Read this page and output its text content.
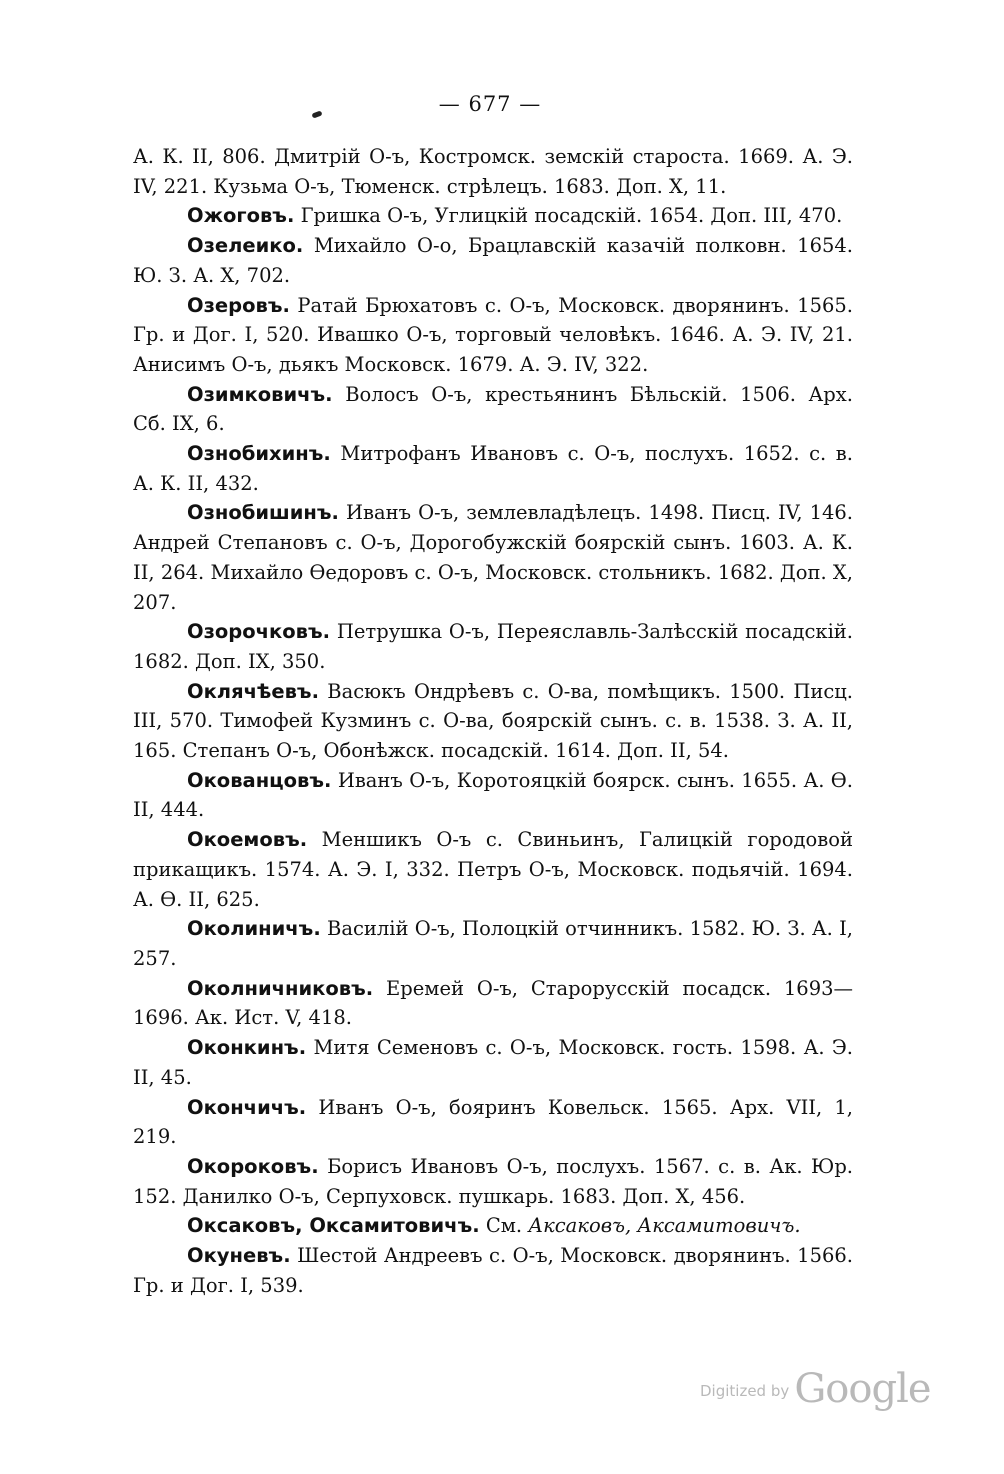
— 677 —

А. К. II, 806. Дмитрій О-ъ, Костромск. земскій староста. 1669. А. Э. IV, 221. Кузьма О-ъ, Тюменск. стрѣлецъ. 1683. Доп. X, 11.

Ожоговъ. Гришка О-ъ, Углицкій посадскій. 1654. Доп. III, 470.

Озелеико. Михайло О-о, Брацлавскій казачій полковн. 1654. Ю. З. А. X, 702.

Озеровъ. Ратай Брюхатовъ с. О-ъ, Московск. дворянинъ. 1565. Гр. и Дог. I, 520. Ивашко О-ъ, торговый человѣкъ. 1646. А. Э. IV, 21. Анисимъ О-ъ, дьякъ Московск. 1679. А. Э. IV, 322.

Озимковичъ. Волосъ О-ъ, крестьянинъ Бѣльскій. 1506. Арх. Сб. IX, 6.

Ознобихинъ. Митрофанъ Ивановъ с. О-ъ, послухъ. 1652. с. в. А. К. II, 432.

Ознобишинъ. Иванъ О-ъ, землевладѣлецъ. 1498. Писц. IV, 146. Андрей Степановъ с. О-ъ, Дорогобужскій боярскій сынъ. 1603. А. К. II, 264. Михайло Ѳедоровъ с. О-ъ, Московск. стольникъ. 1682. Доп. X, 207.

Озорочковъ. Петрушка О-ъ, Переяславль-Залѣсскій посадскій. 1682. Доп. IX, 350.

Оклячѣевъ. Васюкъ Ондрѣевъ с. О-ва, помѣщикъ. 1500. Писц. III, 570. Тимофей Кузминъ с. О-ва, боярскій сынъ. с. в. 1538. З. А. II, 165. Степанъ О-ъ, Обонѣжск. посадскій. 1614. Доп. II, 54.

Окованцовъ. Иванъ О-ъ, Коротояцкій боярск. сынъ. 1655. А. Ѳ. II, 444.

Окоемовъ. Меншикъ О-ъ с. Свиньинъ, Галицкій городовой прикащикъ. 1574. А. Э. I, 332. Петръ О-ъ, Московск. подьячій. 1694. А. Ѳ. II, 625.

Околиничъ. Василій О-ъ, Полоцкій отчинникъ. 1582. Ю. З. А. I, 257.

Околничниковъ. Еремей О-ъ, Старорусскій посадск. 1693—1696. Ак. Ист. V, 418.

Оконкинъ. Митя Семеновъ с. О-ъ, Московск. гость. 1598. А. Э. II, 45.

Окончичъ. Иванъ О-ъ, бояринъ Ковельск. 1565. Арх. VII, 1, 219.

Окороковъ. Борисъ Ивановъ О-ъ, послухъ. 1567. с. в. Ак. Юр. 152. Данилко О-ъ, Серпуховск. пушкарь. 1683. Доп. X, 456.

Оксаковъ, Оксамитовичъ. См. Аксаковъ, Аксамитовичъ.

Окуневъ. Шестой Андреевъ с. О-ъ, Московск. дворянинъ. 1566. Гр. и Дог. I, 539.

Digitized by Google
